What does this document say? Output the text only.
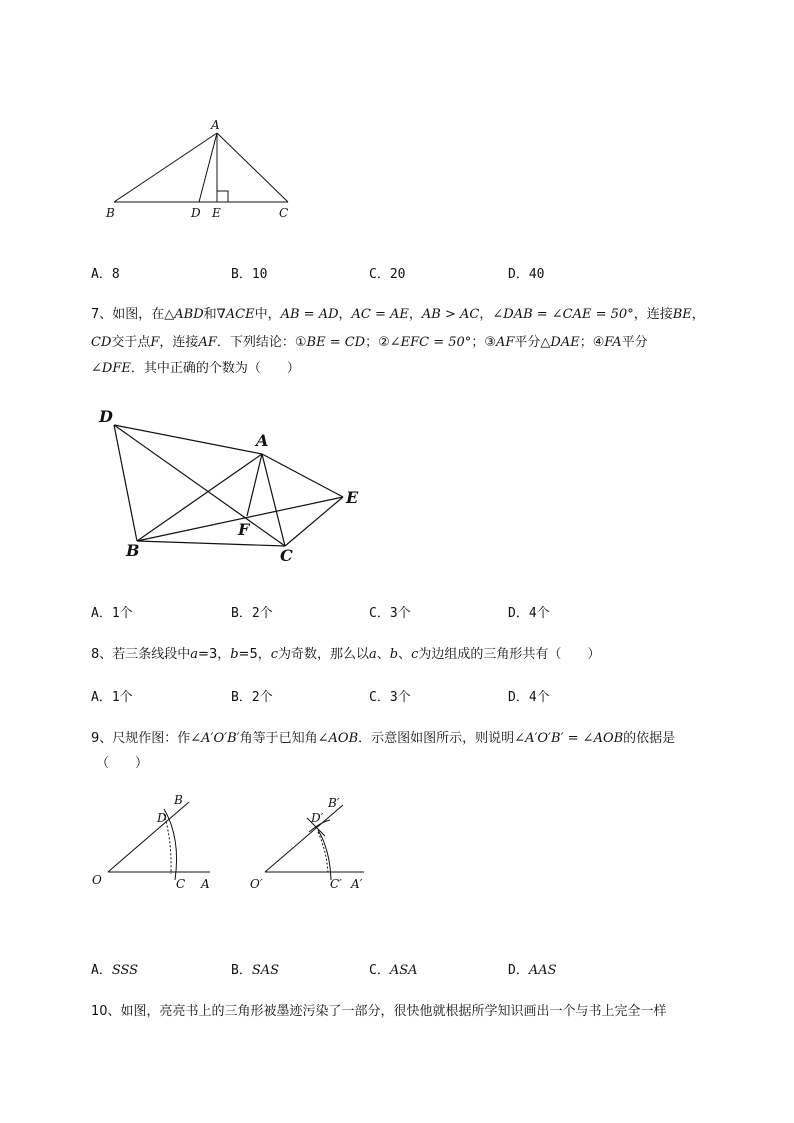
A
B	D E	C
A．8	B．10	C．20	D．40
7、如图，在△ABD和∇ACE中，AB = AD，AC = AE，AB > AC，∠DAB = ∠CAE = 50°，连接BE，
CD交于点F，连接AF．下列结论：①BE = CD；②∠EFC = 50°；③AF平分△DAE；④FA平分
∠DFE．其中正确的个数为（　　）
D
A
E
F
B	C
A．1个	B．2个	C．3个	D．4个
8、若三条线段中a=3，b=5，c为奇数，那么以a、b、c为边组成的三角形共有（　　）
A．1个	B．2个	C．3个	D．4个
9、尺规作图：作∠A′O′B′角等于已知角∠AOB．示意图如图所示，则说明∠A′O′B′ = ∠AOB的依据是
（　　）
O	A
B
C
D
O′	A′
B′
C′
D′
A．SSS	B．SAS	C．ASA	D．AAS
10、如图，亮亮书上的三角形被墨迹污染了一部分，很快他就根据所学知识画出一个与书上完全一样
